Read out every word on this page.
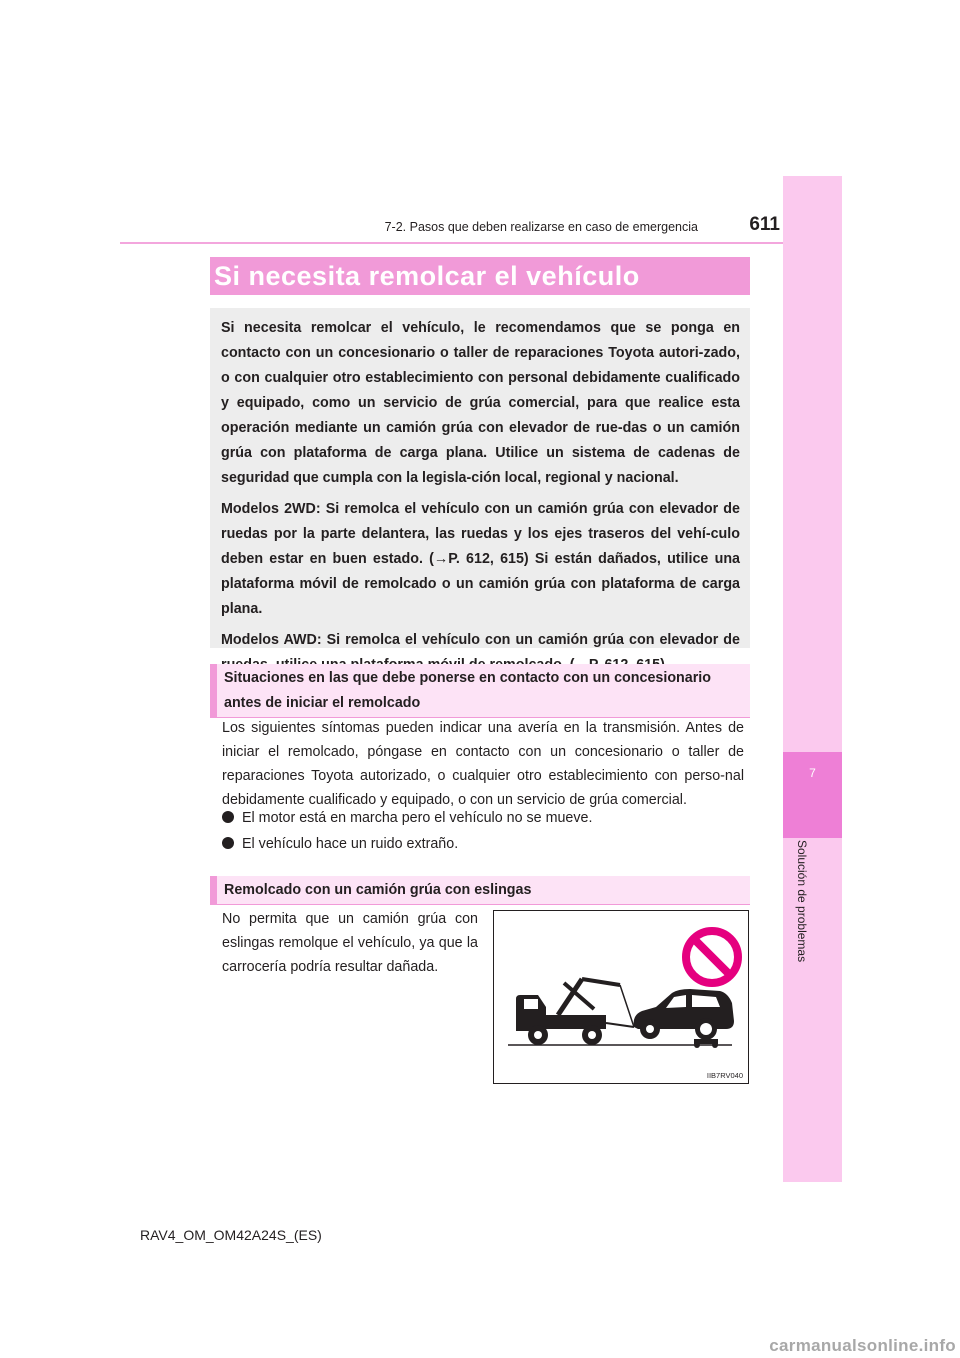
7
Solución de problemas
7-2. Pasos que deben realizarse en caso de emergencia	611
Si necesita remolcar el vehículo

Si necesita remolcar el vehículo, le recomendamos que se ponga en contacto con un concesionario o taller de reparaciones Toyota autori-zado, o con cualquier otro establecimiento con personal debidamente cualificado y equipado, como un servicio de grúa comercial, para que realice esta operación mediante un camión grúa con elevador de rue-das o un camión grúa con plataforma de carga plana. Utilice un sistema de cadenas de seguridad que cumpla con la legisla-ción local, regional y nacional.

Modelos 2WD: Si remolca el vehículo con un camión grúa con elevador de ruedas por la parte delantera, las ruedas y los ejes traseros del vehí-culo deben estar en buen estado. (→P. 612, 615) Si están dañados, utilice una plataforma móvil de remolcado o un camión grúa con plataforma de carga plana.

Modelos AWD: Si remolca el vehículo con un camión grúa con elevador de

Situaciones en las que debe ponerse en contacto con un concesionario antes de iniciar el remolcado

Los siguientes síntomas pueden indicar una avería en la transmisión. Antes de iniciar el remolcado, póngase en contacto con un concesionario o taller de reparaciones Toyota autorizado, o cualquier otro establecimiento con perso-nal debidamente cualificado y equipado, o con un servicio de grúa comercial.

El motor está en marcha pero el vehículo no se mueve.
El vehículo hace un ruido extraño.
Remolcado con un camión grúa con eslingas

No permita que un camión grúa con eslingas remolque el vehículo, ya que la carrocería podría resultar dañada.

IIB7RV040
RAV4_OM_OM42A24S_(ES)
carmanualsonline.info
